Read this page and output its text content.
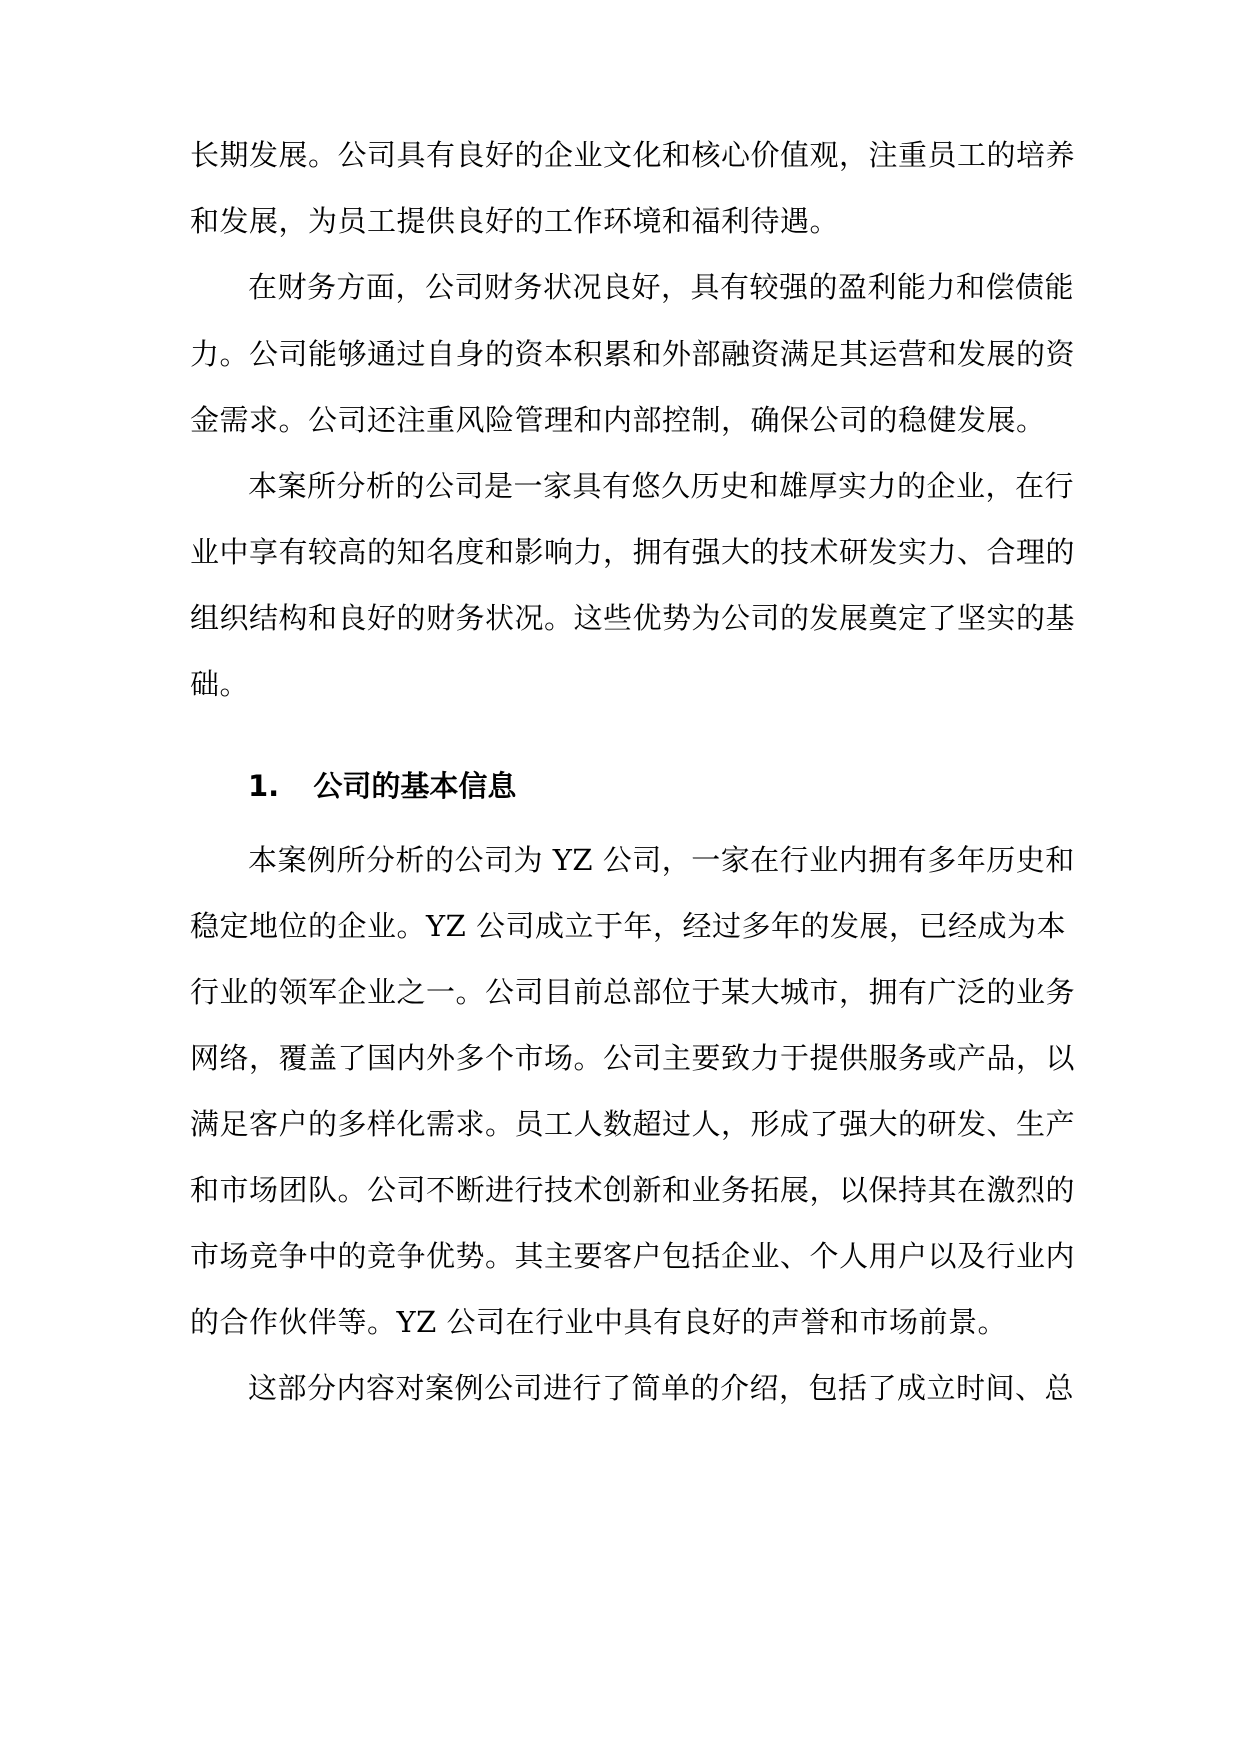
长期发展。公司具有良好的企业文化和核心价值观，注重员工的培养
和发展，为员工提供良好的工作环境和福利待遇。
在财务方面，公司财务状况良好，具有较强的盈利能力和偿债能
力。公司能够通过自身的资本积累和外部融资满足其运营和发展的资
金需求。公司还注重风险管理和内部控制，确保公司的稳健发展。
本案所分析的公司是一家具有悠久历史和雄厚实力的企业，在行
业中享有较高的知名度和影响力，拥有强大的技术研发实力、合理的
组织结构和良好的财务状况。这些优势为公司的发展奠定了坚实的基
础。
1. 公司的基本信息
本案例所分析的公司为 YZ 公司，一家在行业内拥有多年历史和
稳定地位的企业。YZ 公司成立于年，经过多年的发展，已经成为本
行业的领军企业之一。公司目前总部位于某大城市，拥有广泛的业务
网络，覆盖了国内外多个市场。公司主要致力于提供服务或产品，以
满足客户的多样化需求。员工人数超过人，形成了强大的研发、生产
和市场团队。公司不断进行技术创新和业务拓展，以保持其在激烈的
市场竞争中的竞争优势。其主要客户包括企业、个人用户以及行业内
的合作伙伴等。YZ 公司在行业中具有良好的声誉和市场前景。
这部分内容对案例公司进行了简单的介绍，包括了成立时间、总
